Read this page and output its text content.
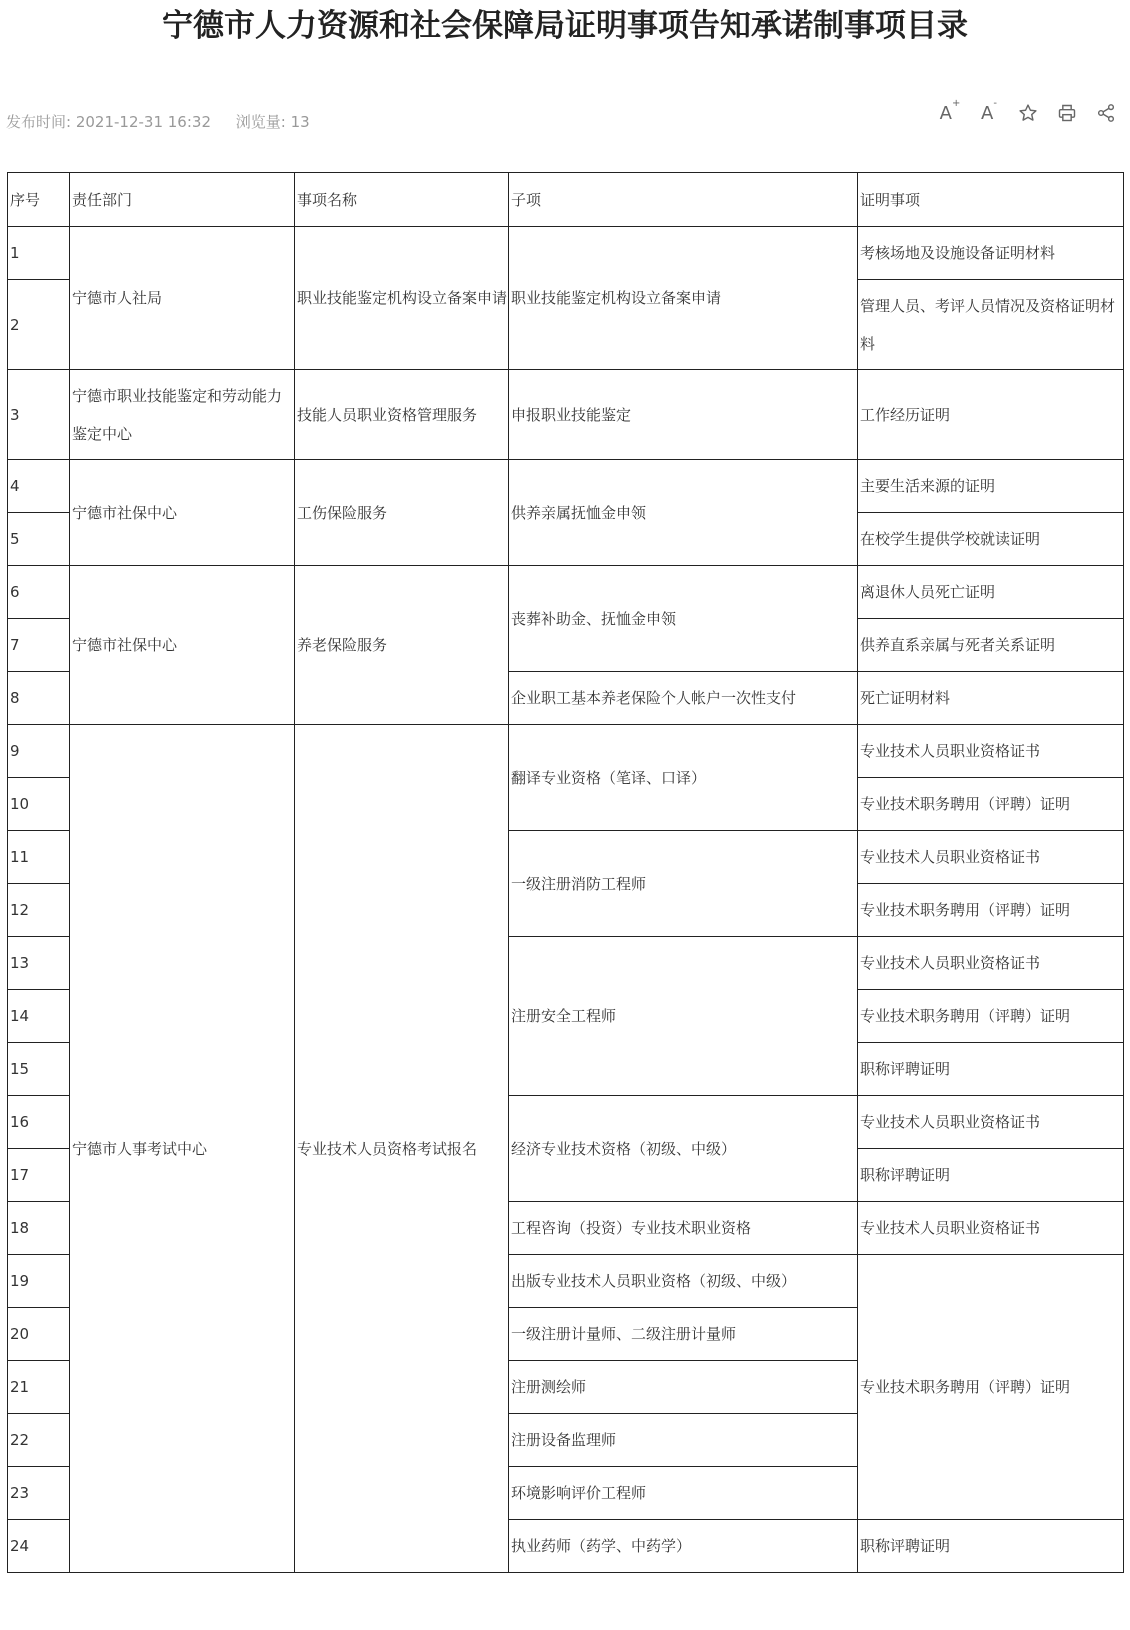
宁德市人力资源和社会保障局证明事项告知承诺制事项目录
发布时间: 2021-12-31 16:32 浏览量: 13	A+ A-
序号	责任部门	事项名称	子项	证明事项
1	宁德市人社局	职业技能鉴定机构设立备案申请	职业技能鉴定机构设立备案申请	考核场地及设施设备证明材料
2				管理人员、考评人员情况及资格证明材料
3	宁德市职业技能鉴定和劳动能力鉴定中心	技能人员职业资格管理服务	申报职业技能鉴定	工作经历证明
4	宁德市社保中心	工伤保险服务	供养亲属抚恤金申领	主要生活来源的证明
5				在校学生提供学校就读证明
6	宁德市社保中心	养老保险服务	丧葬补助金、抚恤金申领	离退休人员死亡证明
7				供养直系亲属与死者关系证明
8			企业职工基本养老保险个人帐户一次性支付	死亡证明材料
9	宁德市人事考试中心	专业技术人员资格考试报名	翻译专业资格（笔译、口译）	专业技术人员职业资格证书
10				专业技术职务聘用（评聘）证明
11			一级注册消防工程师	专业技术人员职业资格证书
12				专业技术职务聘用（评聘）证明
13			注册安全工程师	专业技术人员职业资格证书
14				专业技术职务聘用（评聘）证明
15				职称评聘证明
16			经济专业技术资格（初级、中级）	专业技术人员职业资格证书
17				职称评聘证明
18			工程咨询（投资）专业技术职业资格	专业技术人员职业资格证书
19			出版专业技术人员职业资格（初级、中级）	专业技术职务聘用（评聘）证明
20			一级注册计量师、二级注册计量师	
21			注册测绘师	
22			注册设备监理师	
23			环境影响评价工程师	
24			执业药师（药学、中药学）	职称评聘证明
